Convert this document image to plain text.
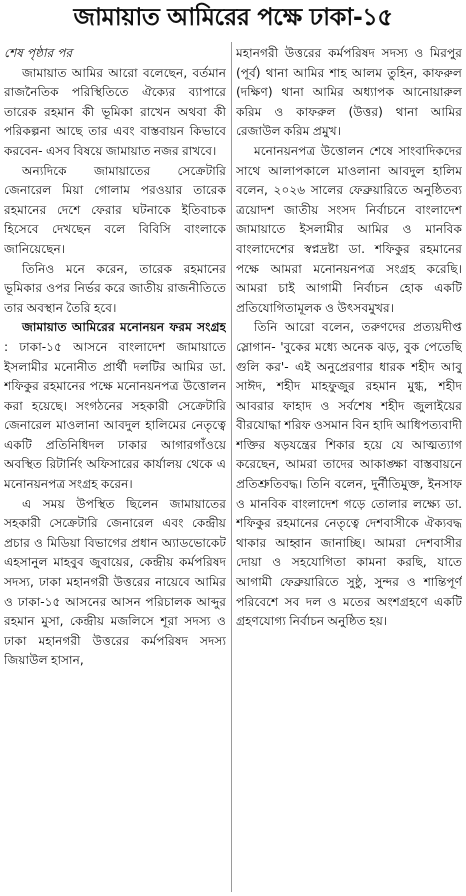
জামায়াত আমিরের পক্ষে ঢাকা-১৫
শেষ পৃষ্ঠার পর

জামায়াত আমির আরো বলেছেন, বর্তমান রাজনৈতিক পরিস্থিতিতে ঐক্যের ব্যাপারে তারেক রহমান কী ভূমিকা রাখেন অথবা কী পরিকল্পনা আছে তার এবং বাস্তবায়ন কিভাবে করবেন- এসব বিষয়ে জামায়াত নজর রাখবে।

অন্যদিকে জামায়াতের সেক্রেটারি জেনারেল মিয়া গোলাম পরওয়ার তারেক রহমানের দেশে ফেরার ঘটনাকে ইতিবাচক হিসেবে দেখছেন বলে বিবিসি বাংলাকে জানিয়েছেন।

তিনিও মনে করেন, তারেক রহমানের ভূমিকার ওপর নির্ভর করে জাতীয় রাজনীতিতে তার অবস্থান তৈরি হবে।

জামায়াত আমিরের মনোনয়ন ফরম সংগ্রহ : ঢাকা-১৫ আসনে বাংলাদেশ জামায়াতে ইসলামীর মনোনীত প্রার্থী দলটির আমির ডা. শফিকুর রহমানের পক্ষে মনোনয়নপত্র উত্তোলন করা হয়েছে। সংগঠনের সহকারী সেক্রেটারি জেনারেল মাওলানা আবদুল হালিমের নেতৃত্বে একটি প্রতিনিধিদল ঢাকার আগারগাঁওয়ে অবস্থিত রিটার্নিং অফিসারের কার্যালয় থেকে এ মনোনয়নপত্র সংগ্রহ করেন।

এ সময় উপস্থিত ছিলেন জামায়াতের সহকারী সেক্রেটারি জেনারেল এবং কেন্দ্রীয় প্রচার ও মিডিয়া বিভাগের প্রধান অ্যাডভোকেট এহসানুল মাহবুব জুবায়ের, কেন্দ্রীয় কর্মপরিষদ সদস্য, ঢাকা মহানগরী উত্তরের নায়েবে আমির ও ঢাকা-১৫ আসনের আসন পরিচালক আব্দুর রহমান মুসা, কেন্দ্রীয় মজলিসে শূরা সদস্য ও ঢাকা মহানগরী উত্তরের কর্মপরিষদ সদস্য জিয়াউল হাসান,

মহানগরী উত্তরের কর্মপরিষদ সদস্য ও মিরপুর (পূর্ব) থানা আমির শাহ আলম তুহিন, কাফরুল (দক্ষিণ) থানা আমির অধ্যাপক আনোয়ারুল করিম ও কাফরুল (উত্তর) থানা আমির রেজাউল করিম প্রমুখ।

মনোনয়নপত্র উত্তোলন শেষে সাংবাদিকদের সাথে আলাপকালে মাওলানা আবদুল হালিম বলেন, ২০২৬ সালের ফেব্রুয়ারিতে অনুষ্ঠিতব্য ত্রয়োদশ জাতীয় সংসদ নির্বাচনে বাংলাদেশ জামায়াতে ইসলামীর আমির ও মানবিক বাংলাদেশের স্বপ্নদ্রষ্টা ডা. শফিকুর রহমানের পক্ষে আমরা মনোনয়নপত্র সংগ্রহ করেছি। আমরা চাই আগামী নির্বাচন হোক একটি প্রতিযোগিতামূলক ও উৎসবমুখর।

তিনি আরো বলেন, তরুণদের প্রত্যয়দীপ্ত স্লোগান- 'বুকের মধ্যে অনেক ঝড়, বুক পেতেছি গুলি কর'- এই অনুপ্রেরণার ধারক শহীদ আবু সাঈদ, শহীদ মাহফুজুর রহমান মুগ্ধ, শহীদ আবরার ফাহাদ ও সর্বশেষ শহীদ জুলাইয়ের বীরযোদ্ধা শরিফ ওসমান বিন হাদি আধিপত্যবাদী শক্তির ষড়যন্ত্রের শিকার হয়ে যে আত্মত্যাগ করেছেন, আমরা তাদের আকাঙ্ক্ষা বাস্তবায়নে প্রতিশ্রুতিবদ্ধ। তিনি বলেন, দুর্নীতিমুক্ত, ইনসাফ ও মানবিক বাংলাদেশ গড়ে তোলার লক্ষ্যে ডা. শফিকুর রহমানের নেতৃত্বে দেশবাসীকে ঐক্যবদ্ধ থাকার আহ্বান জানাচ্ছি। আমরা দেশবাসীর দোয়া ও সহযোগিতা কামনা করছি, যাতে আগামী ফেব্রুয়ারিতে সুষ্ঠু, সুন্দর ও শান্তিপূর্ণ পরিবেশে সব দল ও মতের অংশগ্রহণে একটি গ্রহণযোগ্য নির্বাচন অনুষ্ঠিত হয়।
